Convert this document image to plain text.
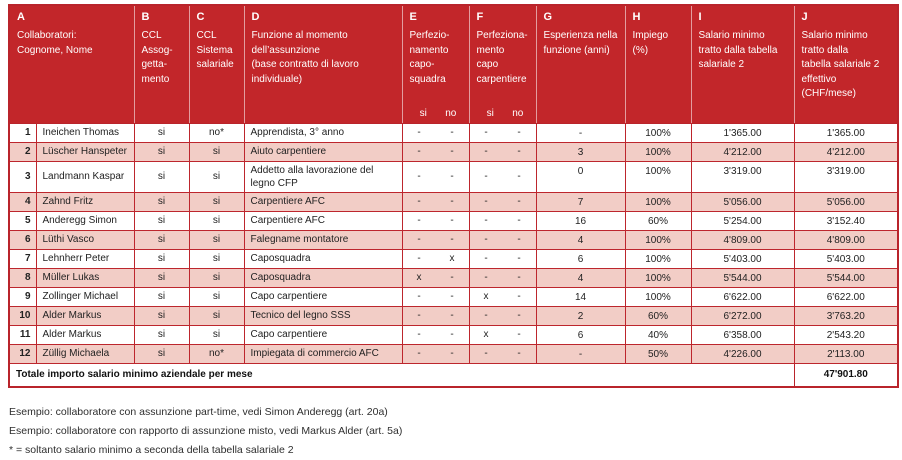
A
Collaboratori:
Cognome, Nome

B
CCL
Assog-
getta-
mento

C
CCL
Sistema
salariale

D
Funzione al momento
dell’assunzione
(base contratto di lavoro
individuale)

E
Perfezio-
namento
capo-
squadra
si	no

F
Perfeziona-
mento
capo
carpentiere
si	no

G
Esperienza nella
funzione (anni)

H
Impiego
(%)

I
Salario minimo
tratto dalla tabella
salariale 2

J
Salario minimo
tratto dalla
tabella salariale 2
effettivo
(CHF/mese)

1	Ineichen Thomas	si	no*	Apprendista, 3° anno	- -	- -	-	100%	1'365.00	1'365.00
2	Lüscher Hanspeter	si	si	Aiuto carpentiere	- -	- -	3	100%	4'212.00	4'212.00
3	Landmann Kaspar	si	si	Addetto alla lavorazione del legno CFP	- -	- -	0	100%	3'319.00	3'319.00
4	Zahnd Fritz	si	si	Carpentiere AFC	- -	- -	7	100%	5'056.00	5'056.00
5	Anderegg Simon	si	si	Carpentiere AFC	- -	- -	16	60%	5'254.00	3'152.40
6	Lüthi Vasco	si	si	Falegname montatore	- -	- -	4	100%	4'809.00	4'809.00
7	Lehnherr Peter	si	si	Caposquadra	- x	- -	6	100%	5'403.00	5'403.00
8	Müller Lukas	si	si	Caposquadra	x -	- -	4	100%	5'544.00	5'544.00
9	Zollinger Michael	si	si	Capo carpentiere	- -	x -	14	100%	6'622.00	6'622.00
10	Alder Markus	si	si	Tecnico del legno SSS	- -	- -	2	60%	6'272.00	3'763.20
11	Alder Markus	si	si	Capo carpentiere	- -	x -	6	40%	6'358.00	2'543.20
12	Züllig Michaela	si	no*	Impiegata di commercio AFC	- -	- -	-	50%	4'226.00	2'113.00
Totale importo salario minimo aziendale per mese										47'901.80
Esempio: collaboratore con assunzione part-time, vedi Simon Anderegg (art. 20a)
Esempio: collaboratore con rapporto di assunzione misto, vedi Markus Alder (art. 5a)
* = soltanto salario minimo a seconda della tabella salariale 2
